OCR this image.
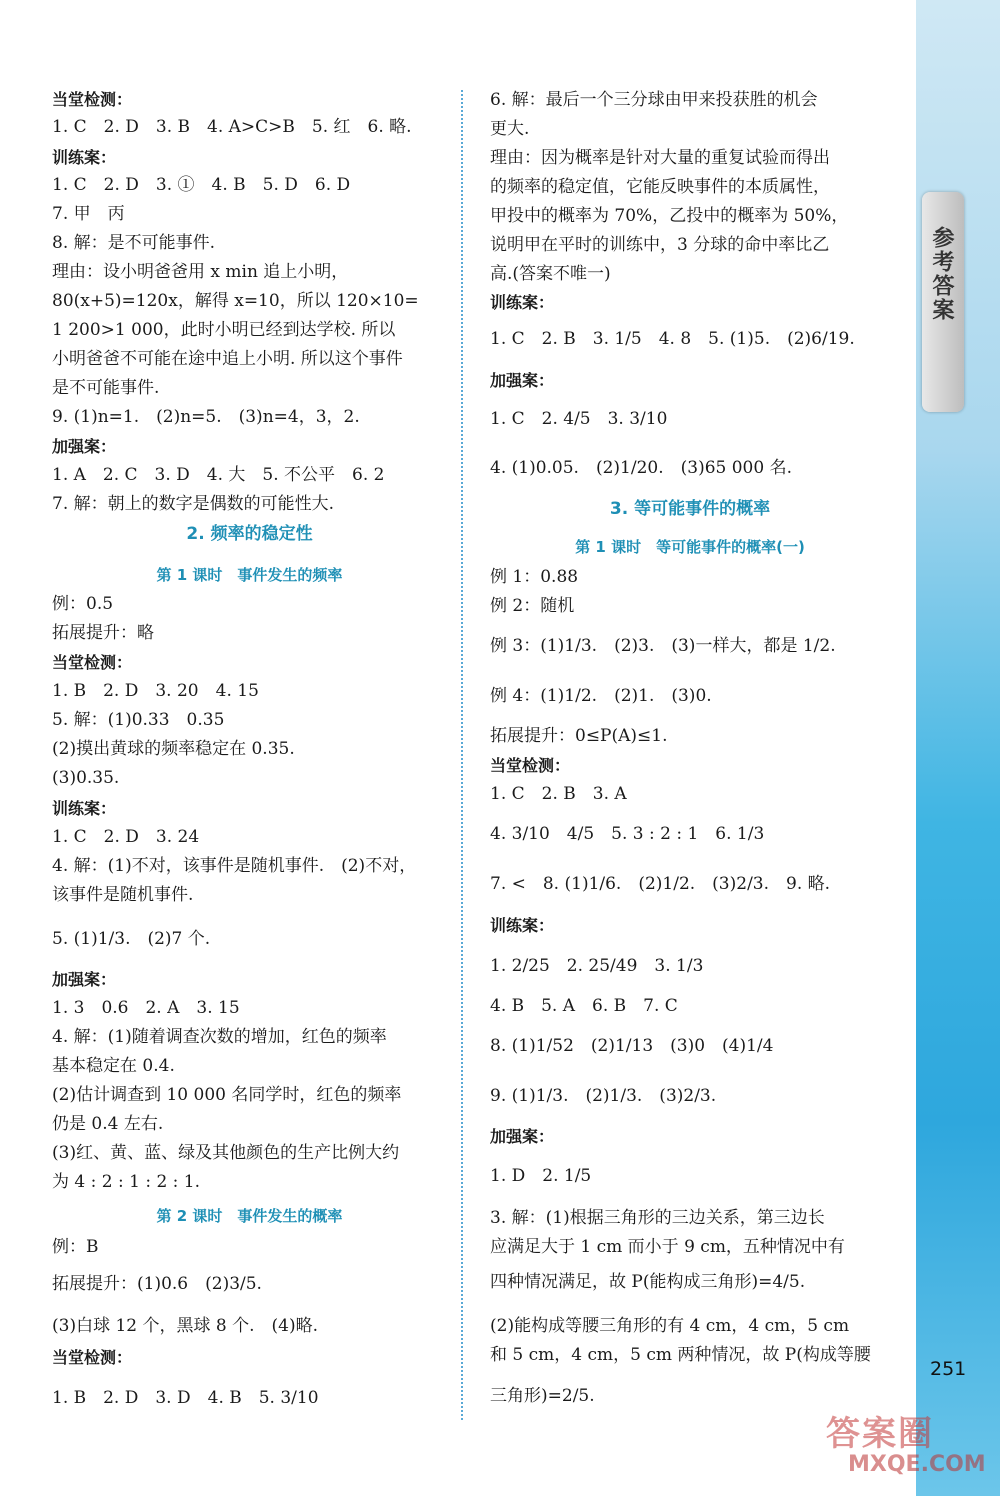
参考答案
当堂检测：
1. C　2. D　3. B　4. A>C>B　5. 红　6. 略.
训练案：
1. C　2. D　3. ①　4. B　5. D　6. D
7. 甲　丙
8. 解：是不可能事件.
理由：设小明爸爸用 x min 追上小明，
80(x+5)=120x，解得 x=10，所以 120×10=
1 200>1 000，此时小明已经到达学校. 所以
小明爸爸不可能在途中追上小明. 所以这个事件
是不可能事件.
9. (1)n=1.　(2)n=5.　(3)n=4，3，2.
加强案：
1. A　2. C　3. D　4. 大　5. 不公平　6. 2
7. 解：朝上的数字是偶数的可能性大.
2. 频率的稳定性
第 1 课时　事件发生的频率
例：0.5
拓展提升：略
当堂检测：
1. B　2. D　3. 20　4. 15
5. 解：(1)0.33　0.35
(2)摸出黄球的频率稳定在 0.35.
(3)0.35.
训练案：
1. C　2. D　3. 24
4. 解：(1)不对，该事件是随机事件.　(2)不对，
该事件是随机事件.
5. (1)1/3.　(2)7 个.
加强案：
1. 3　0.6　2. A　3. 15
4. 解：(1)随着调查次数的增加，红色的频率
基本稳定在 0.4.
(2)估计调查到 10 000 名同学时，红色的频率
仍是 0.4 左右.
(3)红、黄、蓝、绿及其他颜色的生产比例大约
为 4 : 2 : 1 : 2 : 1.
第 2 课时　事件发生的概率
例：B
拓展提升：(1)0.6　(2)3/5.
(3)白球 12 个，黑球 8 个.　(4)略.
当堂检测：
1. B　2. D　3. D　4. B　5. 3/10
6. 解：最后一个三分球由甲来投获胜的机会
更大.
理由：因为概率是针对大量的重复试验而得出
的频率的稳定值，它能反映事件的本质属性，
甲投中的概率为 70%，乙投中的概率为 50%，
说明甲在平时的训练中，3 分球的命中率比乙
高.(答案不唯一)
训练案：
1. C　2. B　3. 1/5　4. 8　5. (1)5.　(2)6/19.
加强案：
1. C　2. 4/5　3. 3/10
4. (1)0.05.　(2)1/20.　(3)65 000 名.
3. 等可能事件的概率
第 1 课时　等可能事件的概率(一)
例 1：0.88
例 2：随机
例 3：(1)1/3.　(2)3.　(3)一样大，都是 1/2.
例 4：(1)1/2.　(2)1.　(3)0.
拓展提升：0≤P(A)≤1.
当堂检测：
1. C　2. B　3. A
4. 3/10　4/5　5. 3 : 2 : 1　6. 1/3
7. <　8. (1)1/6.　(2)1/2.　(3)2/3.　9. 略.
训练案：
1. 2/25　2. 25/49　3. 1/3
4. B　5. A　6. B　7. C
8. (1)1/52　(2)1/13　(3)0　(4)1/4
9. (1)1/3.　(2)1/3.　(3)2/3.
加强案：
1. D　2. 1/5
3. 解：(1)根据三角形的三边关系，第三边长
应满足大于 1 cm 而小于 9 cm，五种情况中有
四种情况满足，故 P(能构成三角形)=4/5.
(2)能构成等腰三角形的有 4 cm，4 cm，5 cm
和 5 cm，4 cm，5 cm 两种情况，故 P(构成等腰
三角形)=2/5.
251
答案圈
MXQE.COM
